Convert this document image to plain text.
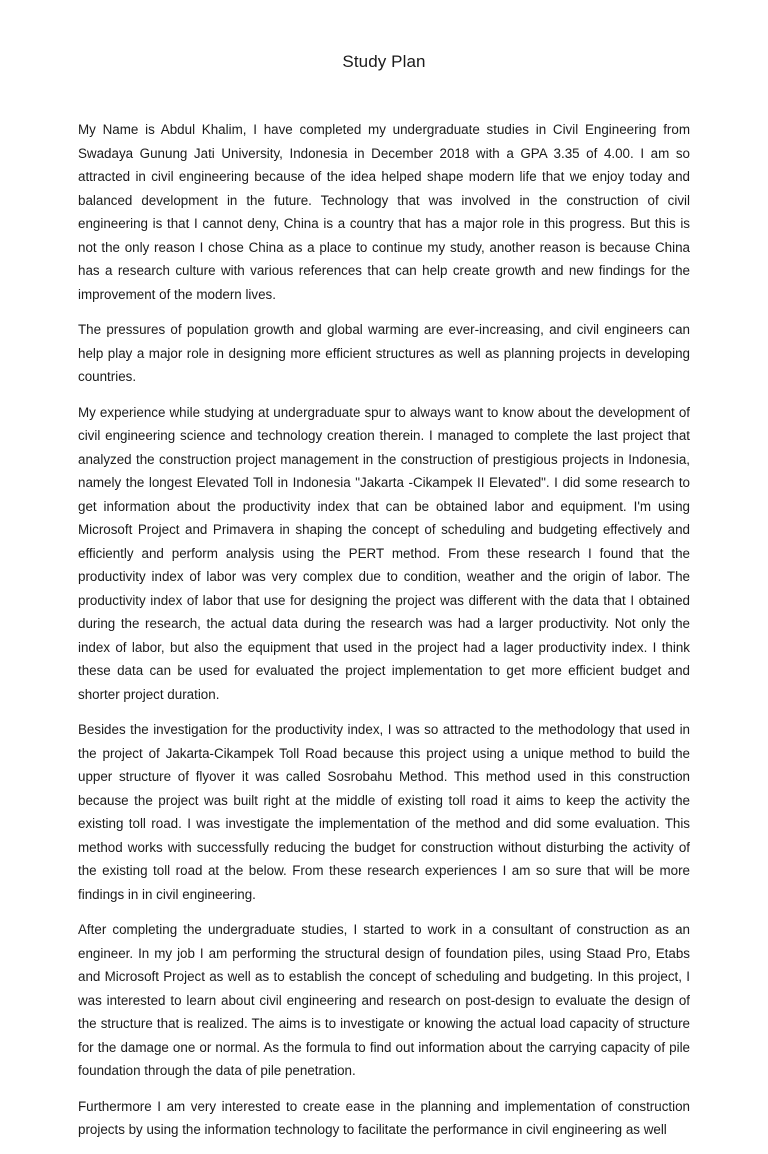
Study Plan

My Name is Abdul Khalim, I have completed my undergraduate studies in Civil Engineering from Swadaya Gunung Jati University, Indonesia in December 2018 with a GPA 3.35 of 4.00. I am so attracted in civil engineering because of the idea helped shape modern life that we enjoy today and balanced development in the future. Technology that was involved in the construction of civil engineering is that I cannot deny, China is a country that has a major role in this progress. But this is not the only reason I chose China as a place to continue my study, another reason is because China has a research culture with various references that can help create growth and new findings for the improvement of the modern lives.

The pressures of population growth and global warming are ever-increasing, and civil engineers can help play a major role in designing more efficient structures as well as planning projects in developing countries.

My experience while studying at undergraduate spur to always want to know about the development of civil engineering science and technology creation therein. I managed to complete the last project that analyzed the construction project management in the construction of prestigious projects in Indonesia, namely the longest Elevated Toll in Indonesia "Jakarta -Cikampek II Elevated". I did some research to get information about the productivity index that can be obtained labor and equipment. I'm using Microsoft Project and Primavera in shaping the concept of scheduling and budgeting effectively and efficiently and perform analysis using the PERT method. From these research I found that the productivity index of labor was very complex due to condition, weather and the origin of labor. The productivity index of labor that use for designing the project was different with the data that I obtained during the research, the actual data during the research was had a larger productivity. Not only the index of labor, but also the equipment that used in the project had a lager productivity index. I think these data can be used for evaluated the project implementation to get more efficient budget and shorter project duration.

Besides the investigation for the productivity index, I was so attracted to the methodology that used in the project of Jakarta-Cikampek Toll Road because this project using a unique method to build the upper structure of flyover it was called Sosrobahu Method. This method used in this construction because the project was built right at the middle of existing toll road it aims to keep the activity the existing toll road. I was investigate the implementation of the method and did some evaluation. This method works with successfully reducing the budget for construction without disturbing the activity of the existing toll road at the below. From these research experiences I am so sure that will be more findings in in civil engineering.

After completing the undergraduate studies, I started to work in a consultant of construction as an engineer. In my job I am performing the structural design of foundation piles, using Staad Pro, Etabs and Microsoft Project as well as to establish the concept of scheduling and budgeting. In this project, I was interested to learn about civil engineering and research on post-design to evaluate the design of the structure that is realized. The aims is to investigate or knowing the actual load capacity of structure for the damage one or normal. As the formula to find out information about the carrying capacity of pile foundation through the data of pile penetration.

Furthermore I am very interested to create ease in the planning and implementation of construction projects by using the information technology to facilitate the performance in civil engineering as well
